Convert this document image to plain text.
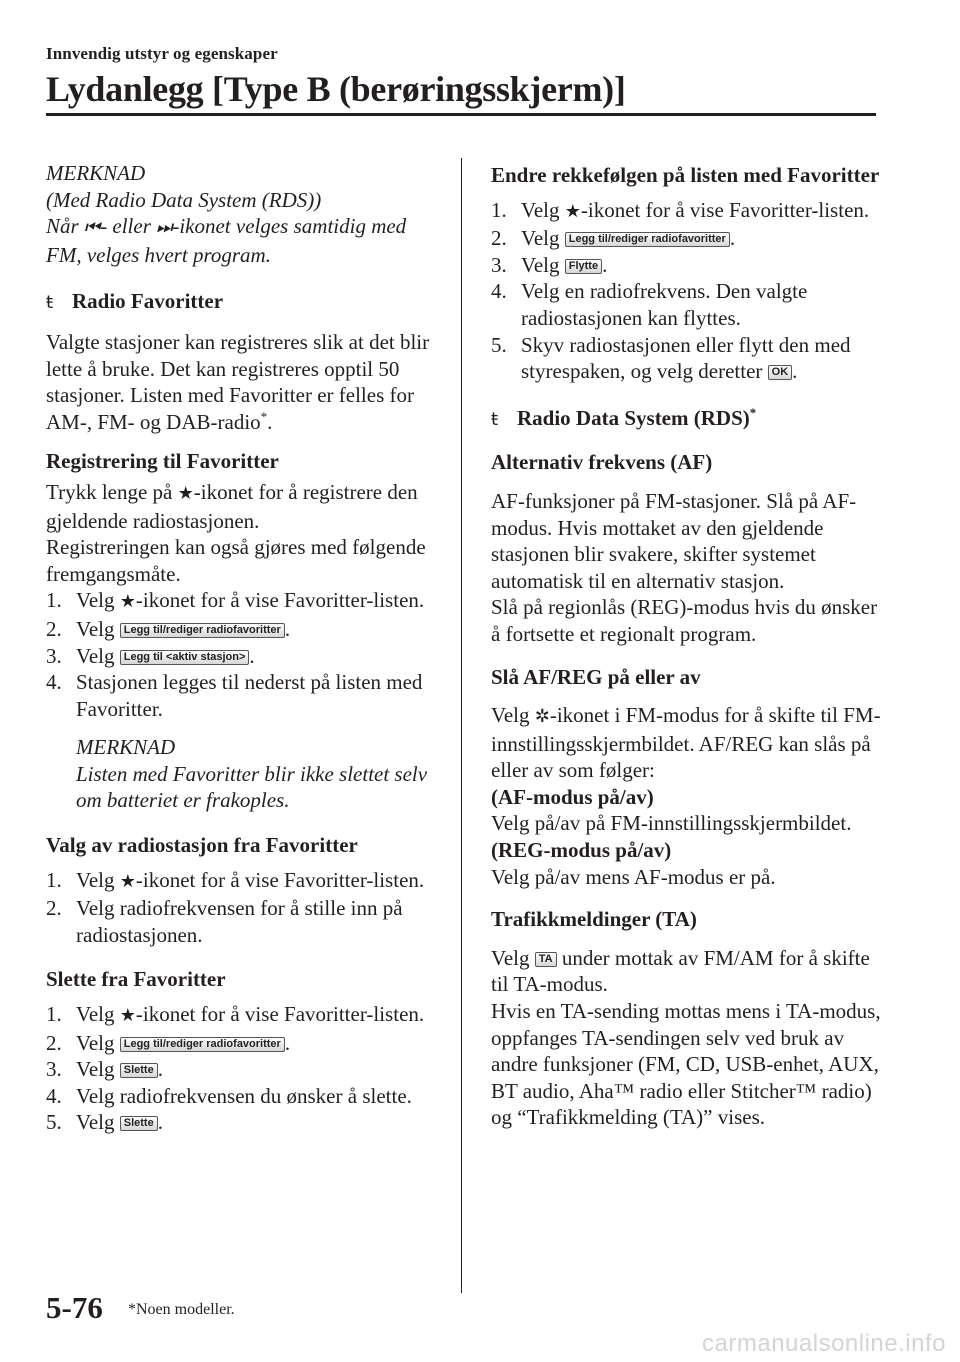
Innvendig utstyr og egenskaper
Lydanlegg [Type B (berøringsskjerm)]

MERKNAD

(Med Radio Data System (RDS))

Når ⏮- eller ⏭-ikonet velges samtidig med FM, velges hvert program.

ŧ Radio Favoritter

Valgte stasjoner kan registreres slik at det blir lette å bruke. Det kan registreres opptil 50 stasjoner. Listen med Favoritter er felles for AM-, FM- og DAB-radio*.

Registrering til Favoritter

Trykk lenge på ★-ikonet for å registrere den gjeldende radiostasjonen.

Registreringen kan også gjøres med følgende fremgangsmåte.

1. Velg ★-ikonet for å vise Favoritter-listen.
2. Velg Legg til/rediger radiofavoritter .
3. Velg Legg til <aktiv stasjon> .
4. Stasjonen legges til nederst på listen med Favoritter.

MERKNAD

Listen med Favoritter blir ikke slettet selv om batteriet er frakoples.

Valg av radiostasjon fra Favoritter

1. Velg ★-ikonet for å vise Favoritter-listen.
2. Velg radiofrekvensen for å stille inn på radiostasjonen.

Slette fra Favoritter

1. Velg ★-ikonet for å vise Favoritter-listen.
2. Velg Legg til/rediger radiofavoritter .
3. Velg Slette .
4. Velg radiofrekvensen du ønsker å slette.
5. Velg Slette .

Endre rekkefølgen på listen med Favoritter

1. Velg ★-ikonet for å vise Favoritter-listen.
2. Velg Legg til/rediger radiofavoritter .
3. Velg Flytte .
4. Velg en radiofrekvens. Den valgte radiostasjonen kan flyttes.
5. Skyv radiostasjonen eller flytt den med styrespaken, og velg deretter OK .
ŧ Radio Data System (RDS)*

Alternativ frekvens (AF)

AF-funksjoner på FM-stasjoner. Slå på AF-modus. Hvis mottaket av den gjeldende stasjonen blir svakere, skifter systemet automatisk til en alternativ stasjon.

Slå på regionlås (REG)-modus hvis du ønsker å fortsette et regionalt program.

Slå AF/REG på eller av

Velg ✲-ikonet i FM-modus for å skifte til FM-innstillingsskjermbildet. AF/REG kan slås på eller av som følger:

(AF-modus på/av)

Velg på/av på FM-innstillingsskjermbildet.

(REG-modus på/av)

Velg på/av mens AF-modus er på.

Trafikkmeldinger (TA)

Velg TA under mottak av FM/AM for å skifte til TA-modus.

Hvis en TA-sending mottas mens i TA-modus, oppfanges TA-sendingen selv ved bruk av andre funksjoner (FM, CD, USB-enhet, AUX, BT audio, Aha™ radio eller Stitcher™ radio) og “Trafikkmelding (TA)” vises.

5-76 *Noen modeller.
carmanualsonline.info
